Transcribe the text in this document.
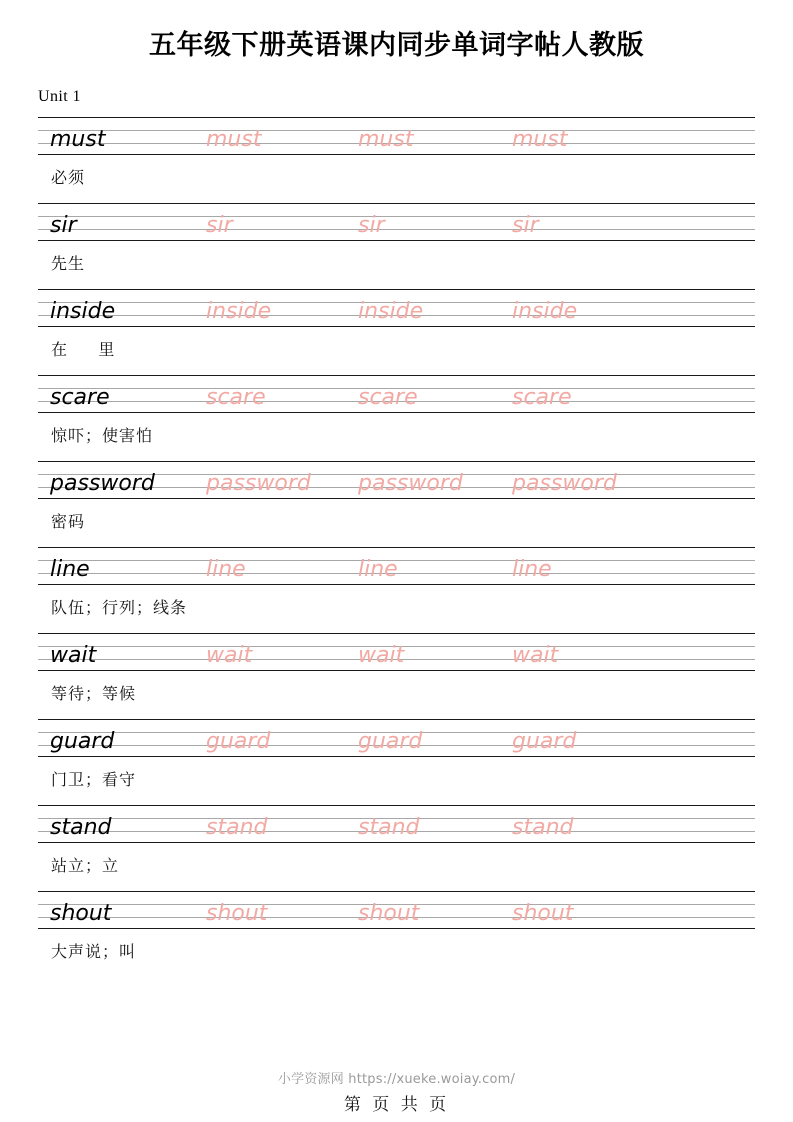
五年级下册英语课内同步单词字帖人教版
Unit 1
must	must	must	must
必须
sir	sir	sir	sir
先生
inside	inside	inside	inside
在     里
scare	scare	scare	scare
惊吓；使害怕
password password password password
密码
line	line	line	line
队伍；行列；线条
wait	wait	wait	wait
等待；等候
guard	guard	guard	guard
门卫；看守
stand	stand	stand	stand
站立；立
shout	shout	shout	shout
大声说；叫
小学资源网 https://xueke.woiay.com/
第 页 共 页
